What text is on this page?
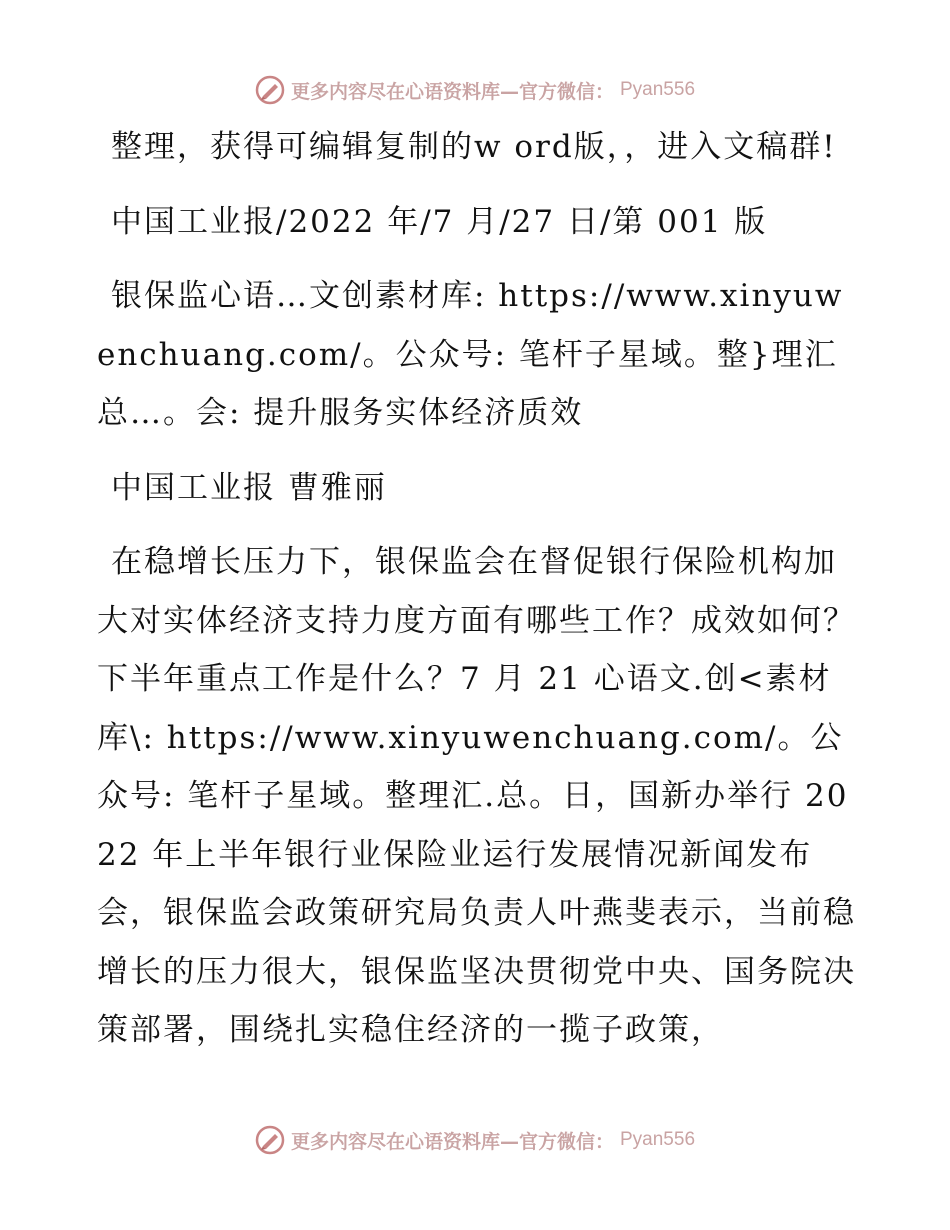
更多内容尽在心语资料库—官方微信： Pyan556

整理，获得可编辑复制的w ord版，，进入文稿群!

中国工业报/2022 年/7 月/27 日/第 001 版

银保监心语…文创素材库: https://www.xinyuwenchuang.com/。公众号: 笔杆子星域。整}理汇总…。会: 提升服务实体经济质效

中国工业报 曹雅丽

在稳增长压力下，银保监会在督促银行保险机构加大对实体经济支持力度方面有哪些工作？成效如何？下半年重点工作是什么？7 月 21 心语文.创<素材库\: https://www.xinyuwenchuang.com/。公众号: 笔杆子星域。整理汇.总。日，国新办举行 2022 年上半年银行业保险业运行发展情况新闻发布会，银保监会政策研究局负责人叶燕斐表示，当前稳增长的压力很大，银保监坚决贯彻党中央、国务院决策部署，围绕扎实稳住经济的一揽子政策，

更多内容尽在心语资料库—官方微信： Pyan556
